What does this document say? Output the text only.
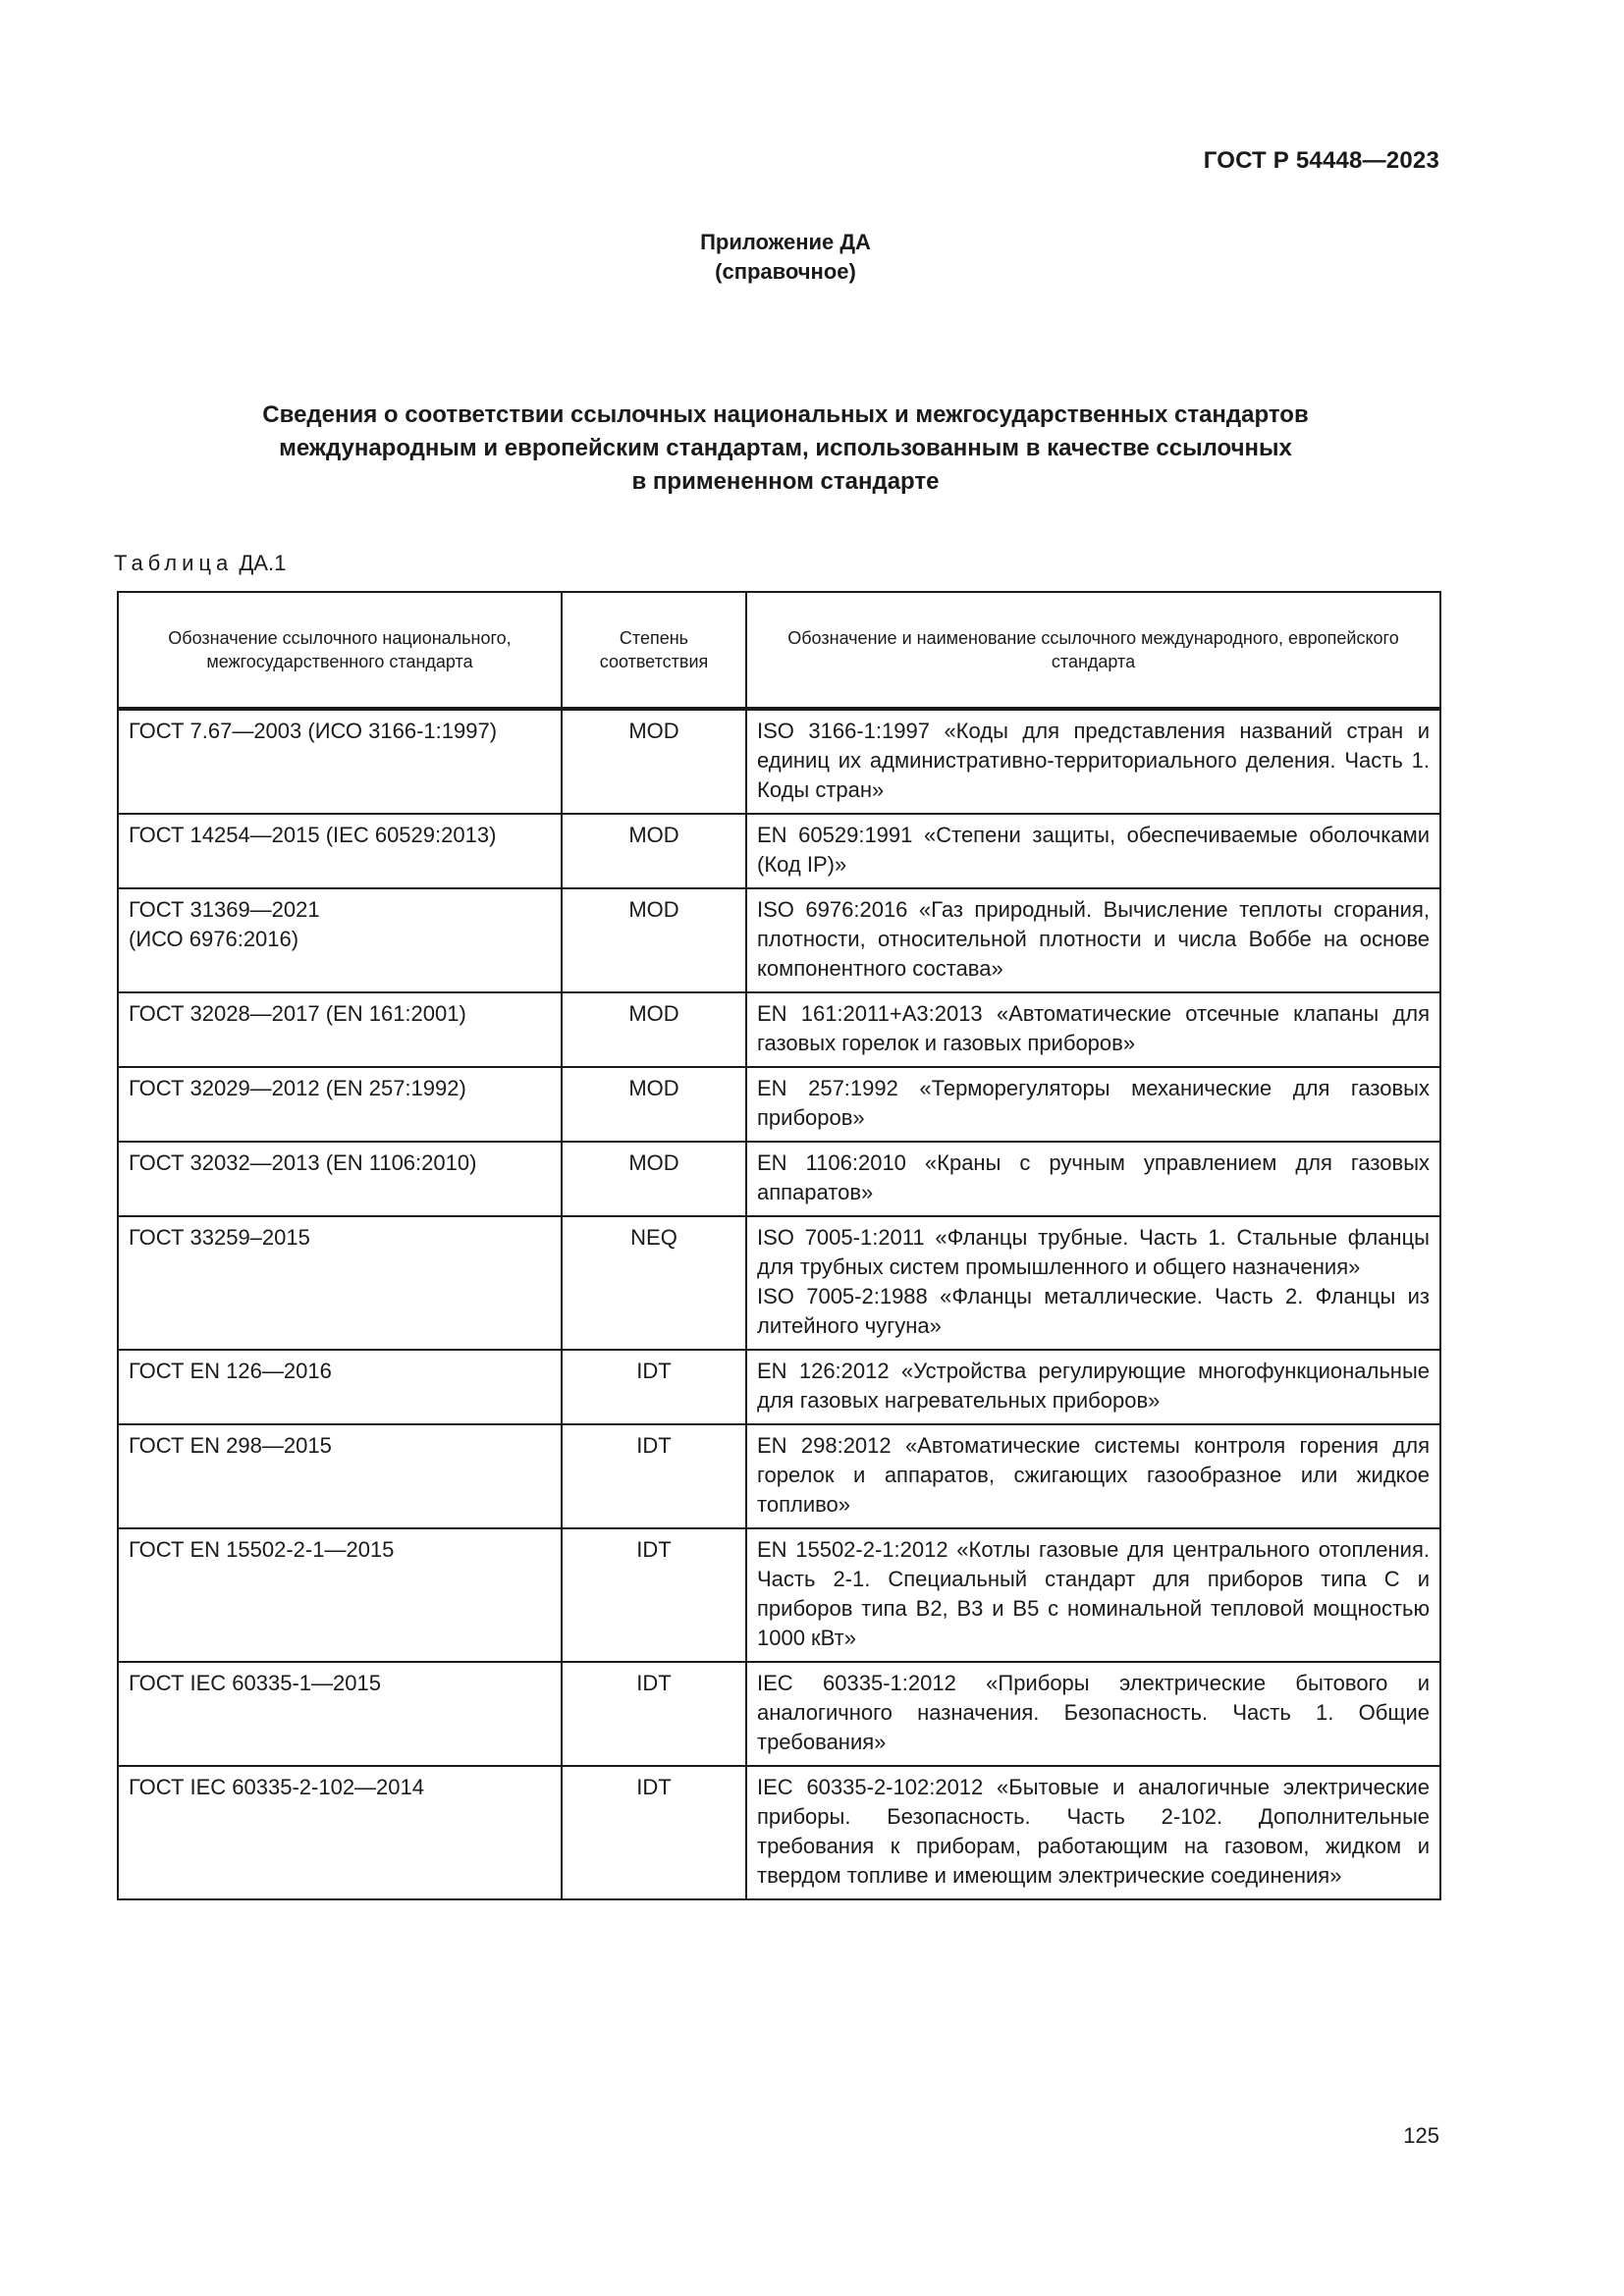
ГОСТ Р 54448—2023
Приложение ДА
(справочное)
Сведения о соответствии ссылочных национальных и межгосударственных стандартов
международным и европейским стандартам, использованным в качестве ссылочных
в примененном стандарте
Таблица ДА.1
Обозначение ссылочного национального, межгосударственного стандарта	Степень соответствия	Обозначение и наименование ссылочного международного, европейского стандарта

ГОСТ 7.67—2003 (ИСО 3166-1:1997)	MOD	ISO 3166-1:1997 «Коды для представления названий стран и единиц их административно-территориального деления. Часть 1. Коды стран»

ГОСТ 14254—2015 (IEC 60529:2013)	MOD	EN 60529:1991 «Степени защиты, обеспечиваемые оболочками (Код IP)»

ГОСТ 31369—2021
(ИСО 6976:2016)	MOD	ISO 6976:2016 «Газ природный. Вычисление теплоты сгорания, плотности, относительной плотности и числа Воббе на основе компонентного состава»

ГОСТ 32028—2017 (EN 161:2001)	MOD	EN 161:2011+A3:2013 «Автоматические отсечные клапаны для газовых горелок и газовых приборов»

ГОСТ 32029—2012 (EN 257:1992)	MOD	EN 257:1992 «Терморегуляторы механические для газовых приборов»

ГОСТ 32032—2013 (EN 1106:2010)	MOD	EN 1106:2010 «Краны с ручным управлением для газовых аппаратов»

ГОСТ 33259–2015	NEQ	ISO 7005-1:2011 «Фланцы трубные. Часть 1. Стальные фланцы для трубных систем промышленного и общего назначения»
ISO 7005-2:1988 «Фланцы металлические. Часть 2. Фланцы из литейного чугуна»

ГОСТ EN 126—2016	IDT	EN 126:2012 «Устройства регулирующие многофункциональные для газовых нагревательных приборов»

ГОСТ EN 298—2015	IDT	EN 298:2012 «Автоматические системы контроля горения для горелок и аппаратов, сжигающих газообразное или жидкое топливо»

ГОСТ EN 15502-2-1—2015	IDT	EN 15502-2-1:2012 «Котлы газовые для центрального отопления. Часть 2-1. Специальный стандарт для приборов типа С и приборов типа В2, В3 и В5 с номинальной тепловой мощностью 1000 кВт»

ГОСТ IEC 60335-1—2015	IDT	IEC 60335-1:2012 «Приборы электрические бытового и аналогичного назначения. Безопасность. Часть 1. Общие требования»

ГОСТ IEC 60335-2-102—2014	IDT	IEC 60335-2-102:2012 «Бытовые и аналогичные электрические приборы. Безопасность. Часть 2-102. Дополнительные требования к приборам, работающим на газовом, жидком и твердом топливе и имеющим электрические соединения»
125
